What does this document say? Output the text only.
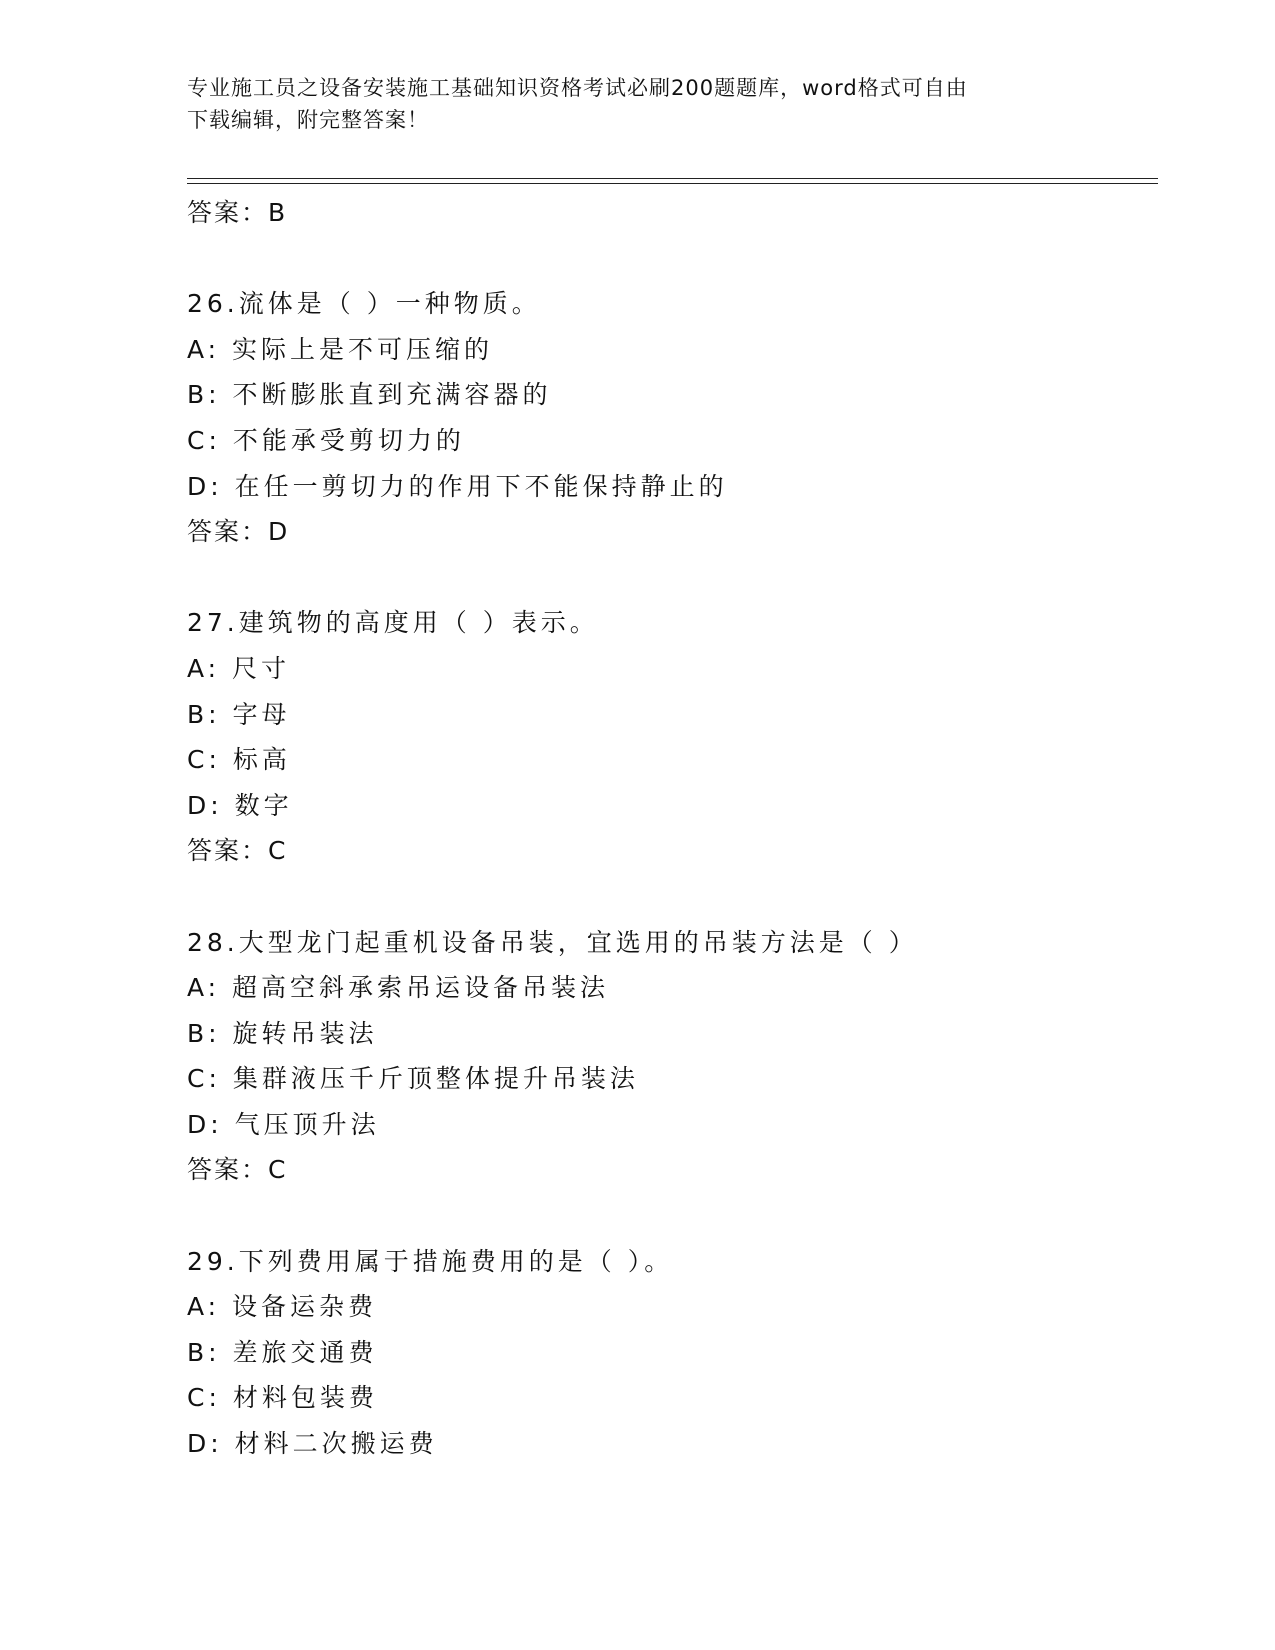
专业施工员之设备安装施工基础知识资格考试必刷200题题库，word格式可自由
下载编辑，附完整答案！
答案：B
26.流体是（ ）一种物质。
A: 实际上是不可压缩的
B: 不断膨胀直到充满容器的
C: 不能承受剪切力的
D: 在任一剪切力的作用下不能保持静止的
答案：D
27.建筑物的高度用（ ）表示。
A: 尺寸
B: 字母
C: 标高
D: 数字
答案：C
28.大型龙门起重机设备吊装，宜选用的吊装方法是（ ）
A: 超高空斜承索吊运设备吊装法
B: 旋转吊装法
C: 集群液压千斤顶整体提升吊装法
D: 气压顶升法
答案：C
29.下列费用属于措施费用的是（ ）。
A: 设备运杂费
B: 差旅交通费
C: 材料包装费
D: 材料二次搬运费
